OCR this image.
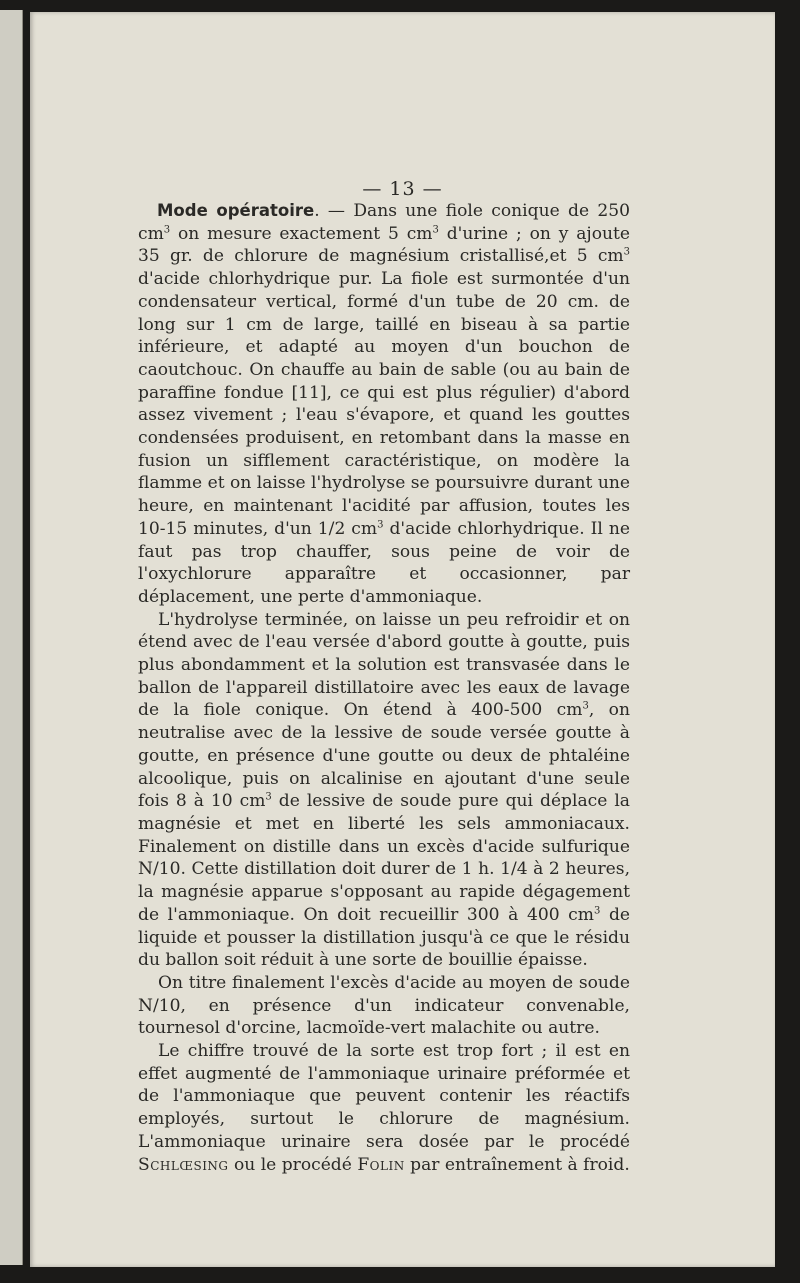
— 13 —

Mode opératoire. — Dans une fiole conique de 250 $cm^3$ on mesure exactement 5 $cm^3$ d'urine ; on y ajoute 35 gr. de chlorure de magnésium cristallisé,et 5 $cm^3$ d'acide chlorhydrique pur. La fiole est surmontée d'un condensateur vertical, formé d'un tube de 20 cm. de long sur 1 cm de large, taillé en biseau à sa partie inférieure, et adapté au moyen d'un bouchon de caoutchouc. On chauffe au bain de sable (ou au bain de paraffine fondue [11], ce qui est plus régulier) d'abord assez vivement ; l'eau s'évapore, et quand les gouttes condensées produisent, en retombant dans la masse en fusion un sifflement caractéristique, on modère la flamme et on laisse l'hydrolyse se poursuivre durant une heure, en maintenant l'acidité par affusion, toutes les 10-15 minutes, d'un 1/2 $cm^3$ d'acide chlorhydrique. Il ne faut pas trop chauffer, sous peine de voir de l'oxychlorure apparaître et occasionner, par déplacement, une perte d'ammoniaque.

L'hydrolyse terminée, on laisse un peu refroidir et on étend avec de l'eau versée d'abord goutte à goutte, puis plus abondamment et la solution est transvasée dans le ballon de l'appareil distillatoire avec les eaux de lavage de la fiole conique. On étend à 400-500 $cm^3$, on neutralise avec de la lessive de soude versée goutte à goutte, en présence d'une goutte ou deux de phtaléine alcoolique, puis on alcalinise en ajoutant d'une seule fois 8 à 10 $cm^3$ de lessive de soude pure qui déplace la magnésie et met en liberté les sels ammoniacaux. Finalement on distille dans un excès d'acide sulfurique N/10. Cette distillation doit durer de 1 h. 1/4 à 2 heures, la magnésie apparue s'opposant au rapide dégagement de l'ammoniaque. On doit recueillir 300 à 400 $cm^3$ de liquide et pousser la distillation jusqu'à ce que le résidu du ballon soit réduit à une sorte de bouillie épaisse.

On titre finalement l'excès d'acide au moyen de soude N/10, en présence d'un indicateur convenable, tournesol d'orcine, lacmoïde-vert malachite ou autre.

Le chiffre trouvé de la sorte est trop fort ; il est en effet augmenté de l'ammoniaque urinaire préformée et de l'ammoniaque que peuvent contenir les réactifs employés, surtout le chlorure de magnésium. L'ammoniaque urinaire sera dosée par le procédé Schlœsing ou le procédé Folin par entraînement à froid.
